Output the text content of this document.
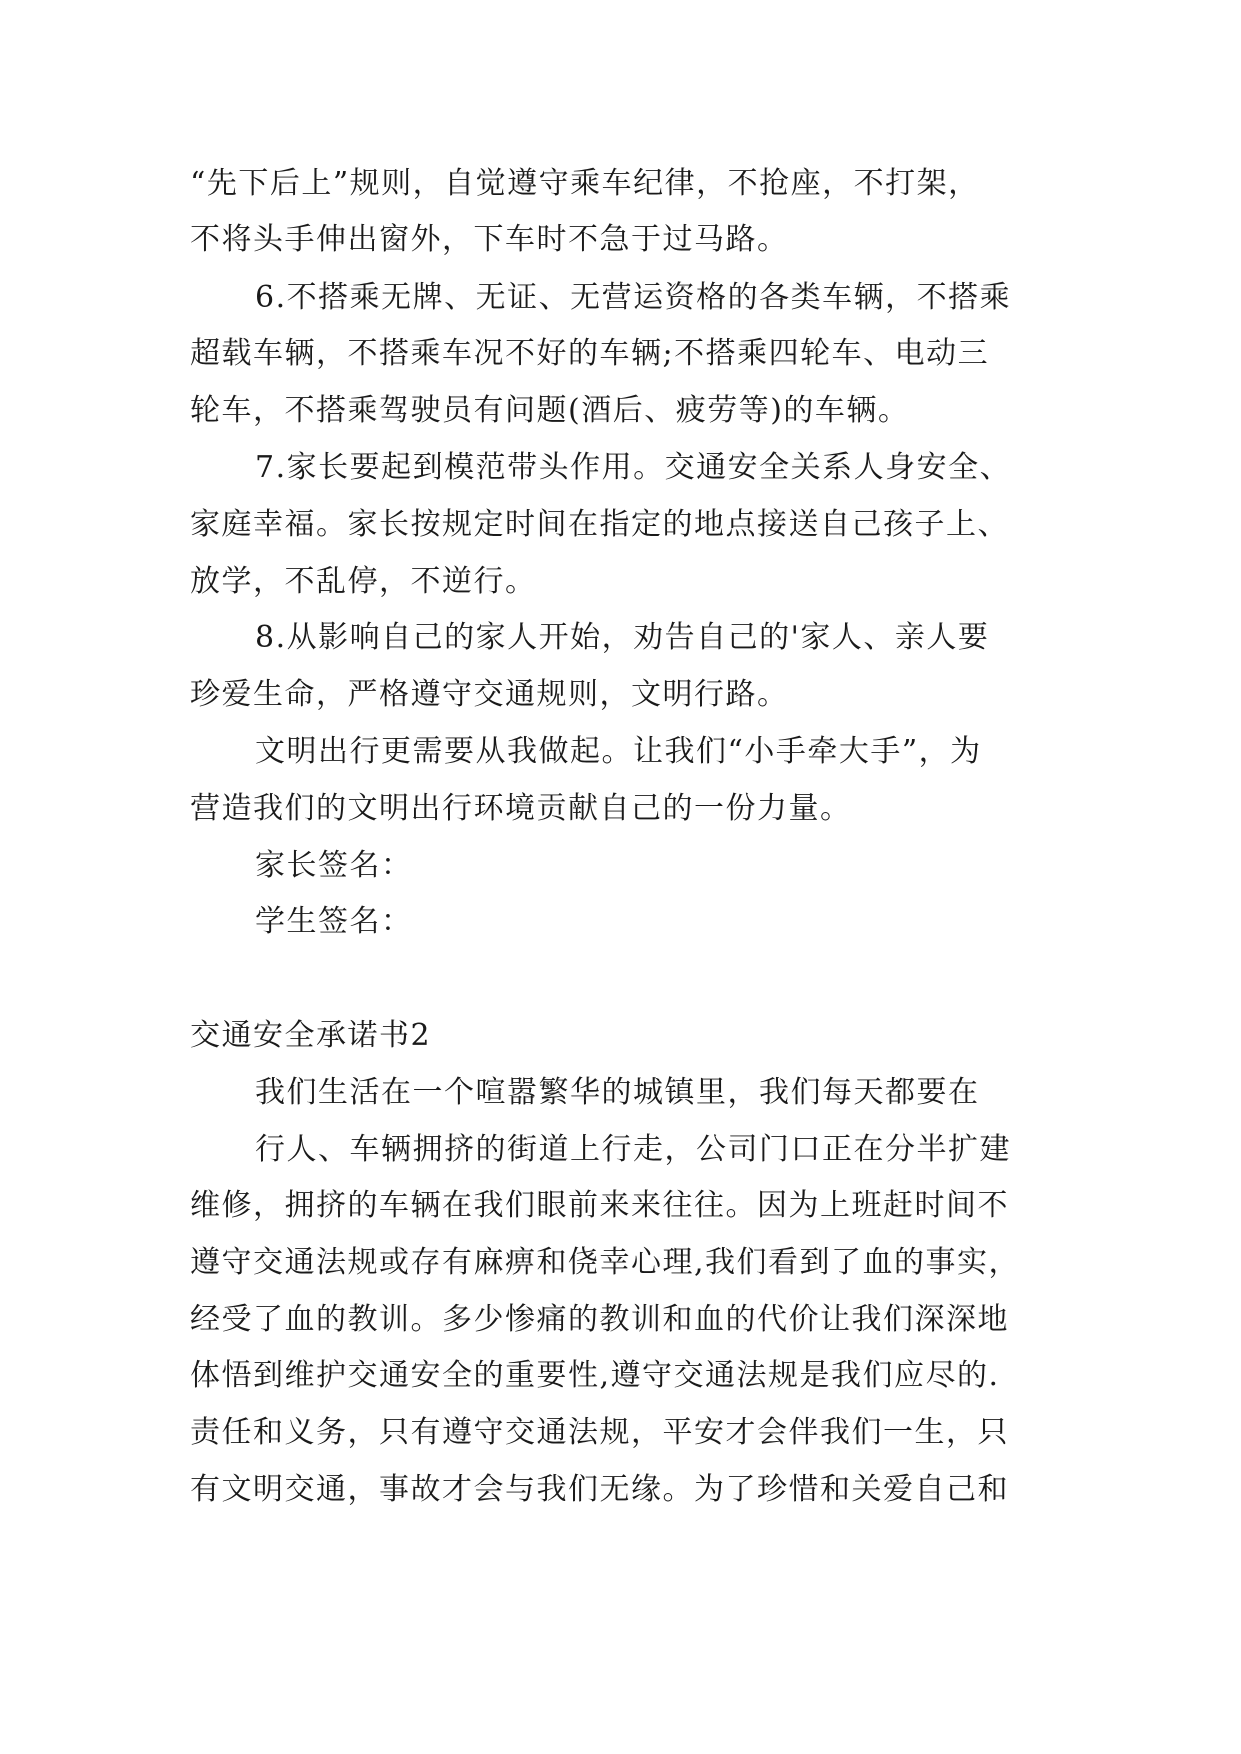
“先下后上”规则，自觉遵守乘车纪律，不抢座，不打架，
不将头手伸出窗外，下车时不急于过马路。
6.不搭乘无牌、无证、无营运资格的各类车辆，不搭乘
超载车辆，不搭乘车况不好的车辆;不搭乘四轮车、电动三
轮车，不搭乘驾驶员有问题(酒后、疲劳等)的车辆。
7.家长要起到模范带头作用。交通安全关系人身安全、
家庭幸福。家长按规定时间在指定的地点接送自己孩子上、
放学，不乱停，不逆行。
8.从影响自己的家人开始，劝告自己的'家人、亲人要
珍爱生命，严格遵守交通规则，文明行路。
文明出行更需要从我做起。让我们“小手牵大手”，为
营造我们的文明出行环境贡献自己的一份力量。
家长签名：
学生签名：
交通安全承诺书2
我们生活在一个喧嚣繁华的城镇里，我们每天都要在
行人、车辆拥挤的街道上行走，公司门口正在分半扩建
维修，拥挤的车辆在我们眼前来来往往。因为上班赶时间不
遵守交通法规或存有麻痹和侥幸心理,我们看到了血的事实，
经受了血的教训。多少惨痛的教训和血的代价让我们深深地
体悟到维护交通安全的重要性,遵守交通法规是我们应尽的.
责任和义务，只有遵守交通法规，平安才会伴我们一生，只
有文明交通，事故才会与我们无缘。为了珍惜和关爱自己和
